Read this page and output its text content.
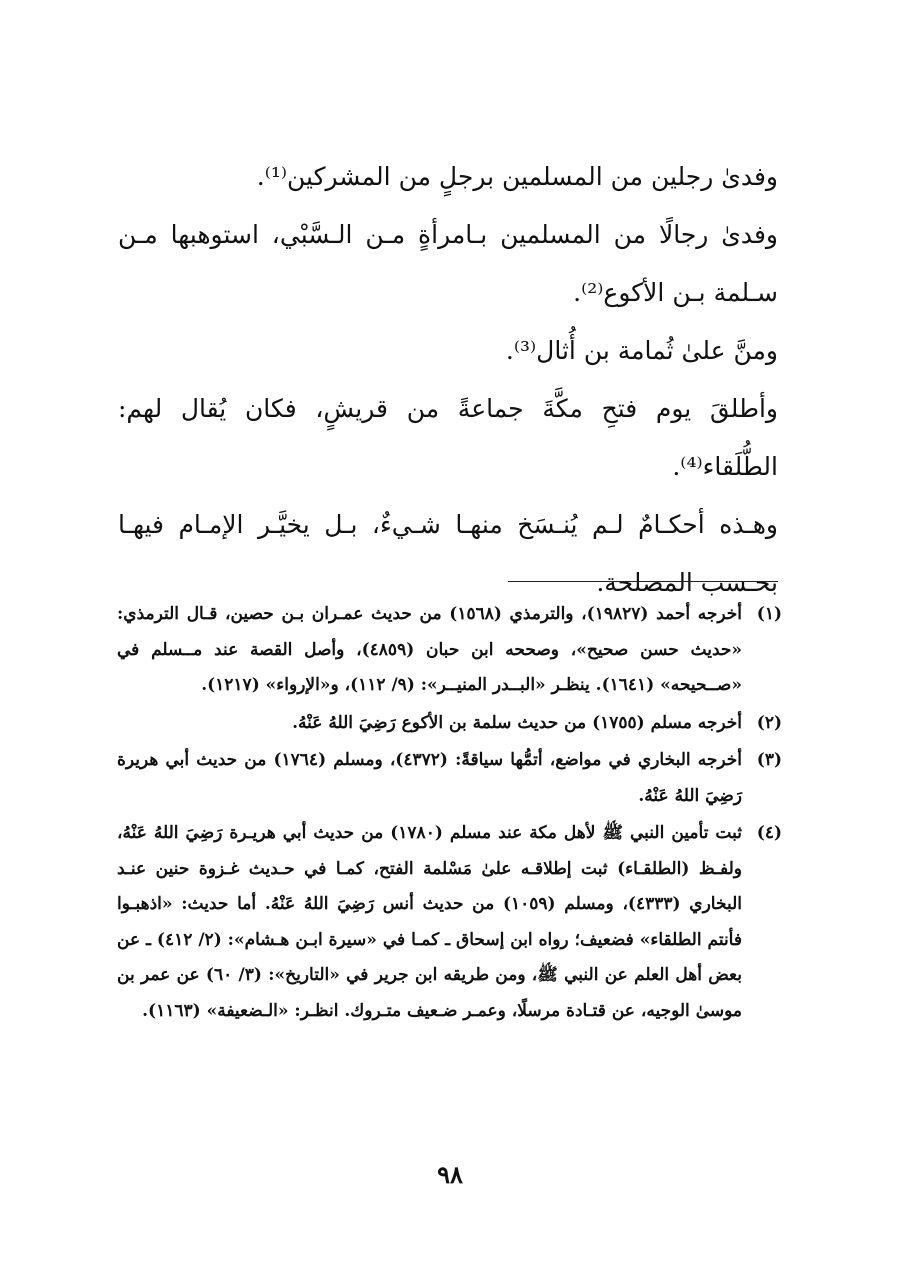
وفدىٰ رجلين من المسلمين برجلٍ من المشركين⁽¹⁾.

وفدىٰ رجالًا من المسلمين بـامرأةٍ مـن الـسَّبْي، استوهبها مـن سـلمة بـن الأكوع⁽²⁾.

ومنَّ علىٰ ثُمامة بن أُثال⁽³⁾.

وأطلقَ يوم فتحِ مكَّةَ جماعةً من قريشٍ، فكان يُقال لهم: الطُّلَقاء⁽⁴⁾.

وهـذه أحكـامٌ لـم يُنـسَخ منهـا شـيءٌ، بـل يخيَّـر الإمـام فيهـا بحـسب المصلحة.

(١)
أخرجه أحمد (١٩٨٢٧)، والترمذي (١٥٦٨) من حديث عمـران بـن حصين، قـال الترمذي: «حديث حسن صحيح»، وصححه ابن حبان (٤٨٥٩)، وأصل القصة عند مــسلم في «صــحيحه» (١٦٤١). ينظـر «البــدر المنيــر»: (٩/ ١١٢)، و«الإرواء» (١٢١٧).
(٢)
أخرجه مسلم (١٧٥٥) من حديث سلمة بن الأكوع رَضِيَ اللهُ عَنْهُ.
(٣)
أخرجه البخاري في مواضع، أتمُّها سياقةً: (٤٣٧٢)، ومسلم (١٧٦٤) من حديث أبي هريرة رَضِيَ اللهُ عَنْهُ.
(٤)
ثبت تأمين النبي ﷺ لأهل مكة عند مسلم (١٧٨٠) من حديث أبي هريـرة رَضِيَ اللهُ عَنْهُ، ولفـظ (الطلقـاء) ثبت إطلاقـه علىٰ مَسْلمة الفتح، كمـا في حـديث غـزوة حنين عنـد البخاري (٤٣٣٣)، ومسلم (١٠٥٩) من حديث أنس رَضِيَ اللهُ عَنْهُ. أما حديث: «اذهبـوا فأنتم الطلقاء» فضعيف؛ رواه ابن إسحاق ـ كمـا في «سيرة ابـن هـشام»: (٢/ ٤١٢) ـ عن بعض أهل العلم عن النبي ﷺ، ومن طريقه ابن جرير في «التاريخ»: (٣/ ٦٠) عن عمر بن موسىٰ الوجيه، عن قتـادة مرسلًا، وعمـر ضـعيف متـروك. انظـر: «الـضعيفة» (١١٦٣).
٩٨
